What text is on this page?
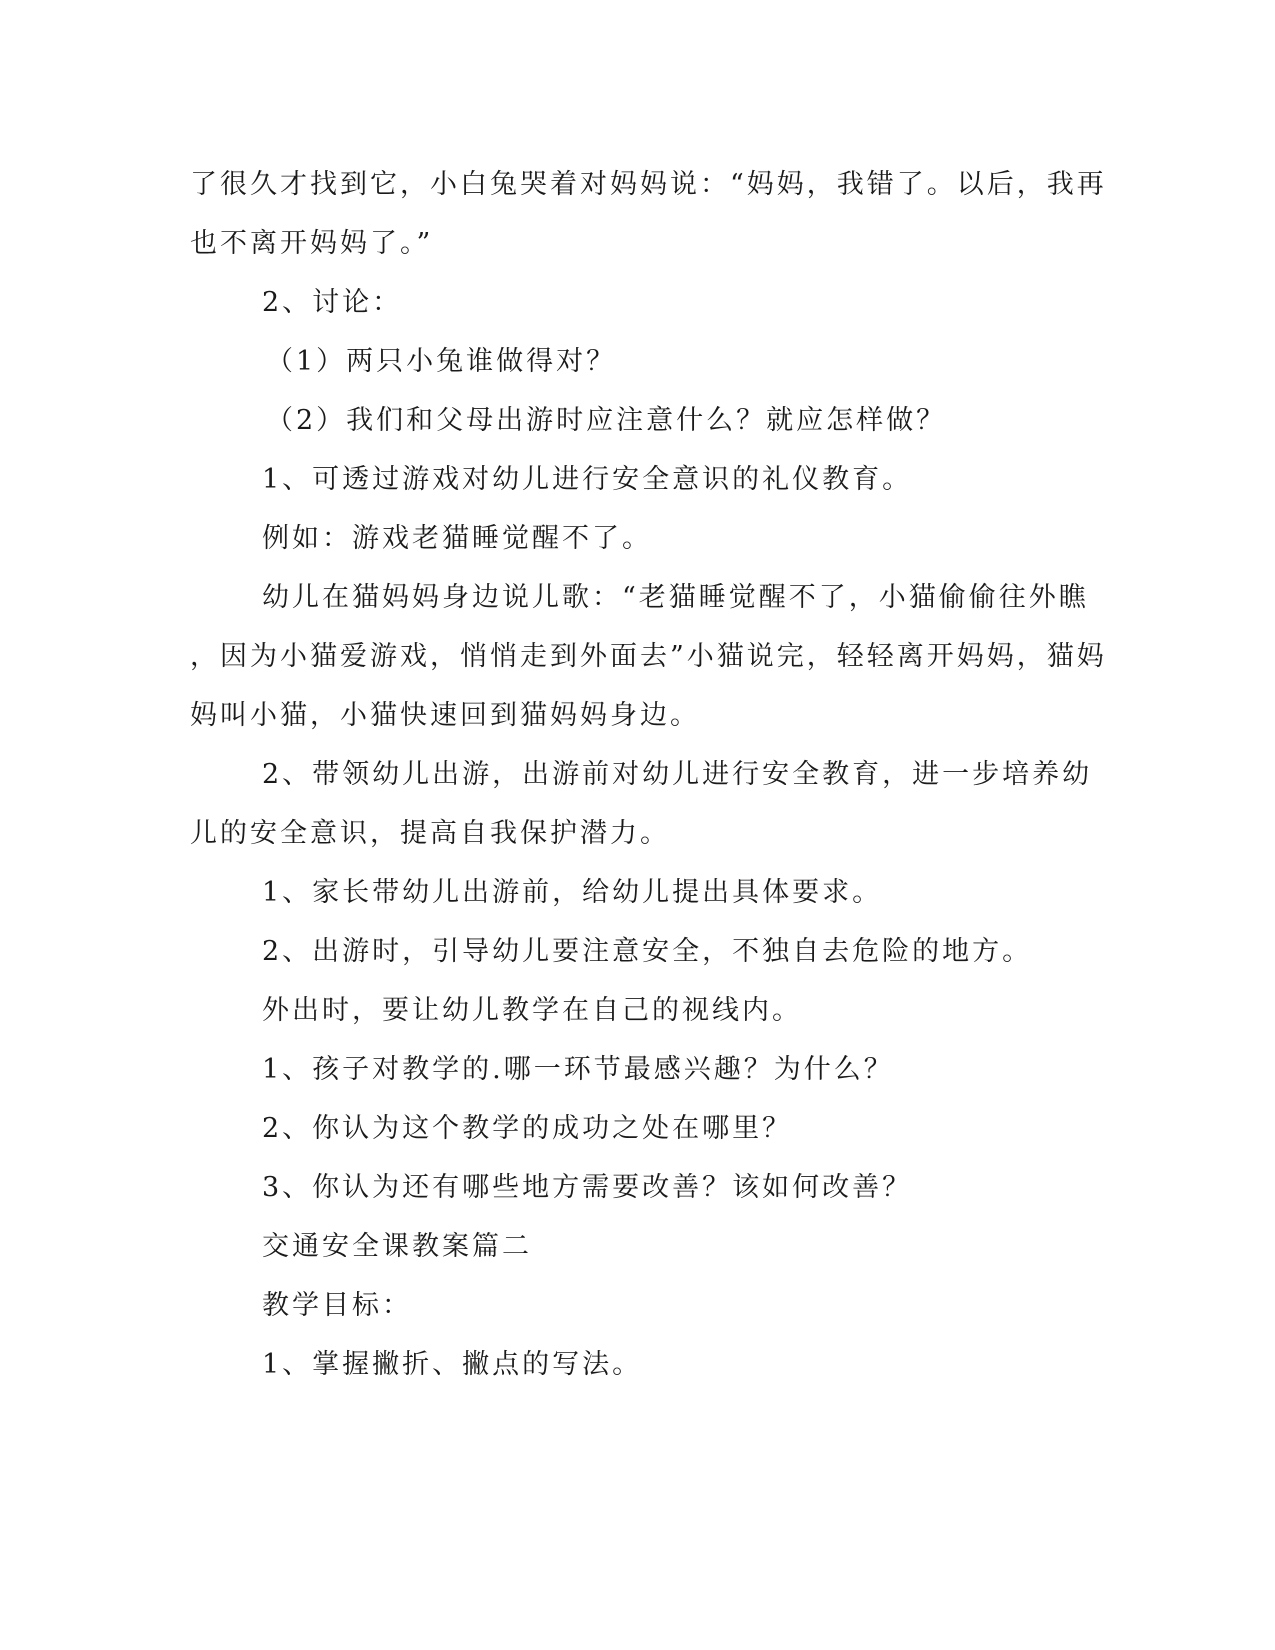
了很久才找到它，小白兔哭着对妈妈说：“妈妈，我错了。以后，我再
也不离开妈妈了。”
2、讨论：
（1）两只小兔谁做得对？
（2）我们和父母出游时应注意什么？就应怎样做？
1、可透过游戏对幼儿进行安全意识的礼仪教育。
例如：游戏老猫睡觉醒不了。
幼儿在猫妈妈身边说儿歌：“老猫睡觉醒不了，小猫偷偷往外瞧
，因为小猫爱游戏，悄悄走到外面去”小猫说完，轻轻离开妈妈，猫妈
妈叫小猫，小猫快速回到猫妈妈身边。
2、带领幼儿出游，出游前对幼儿进行安全教育，进一步培养幼
儿的安全意识，提高自我保护潜力。
1、家长带幼儿出游前，给幼儿提出具体要求。
2、出游时，引导幼儿要注意安全，不独自去危险的地方。
外出时，要让幼儿教学在自己的视线内。
1、孩子对教学的.哪一环节最感兴趣？为什么？
2、你认为这个教学的成功之处在哪里？
3、你认为还有哪些地方需要改善？该如何改善？
交通安全课教案篇二
教学目标：
1、掌握撇折、撇点的写法。
